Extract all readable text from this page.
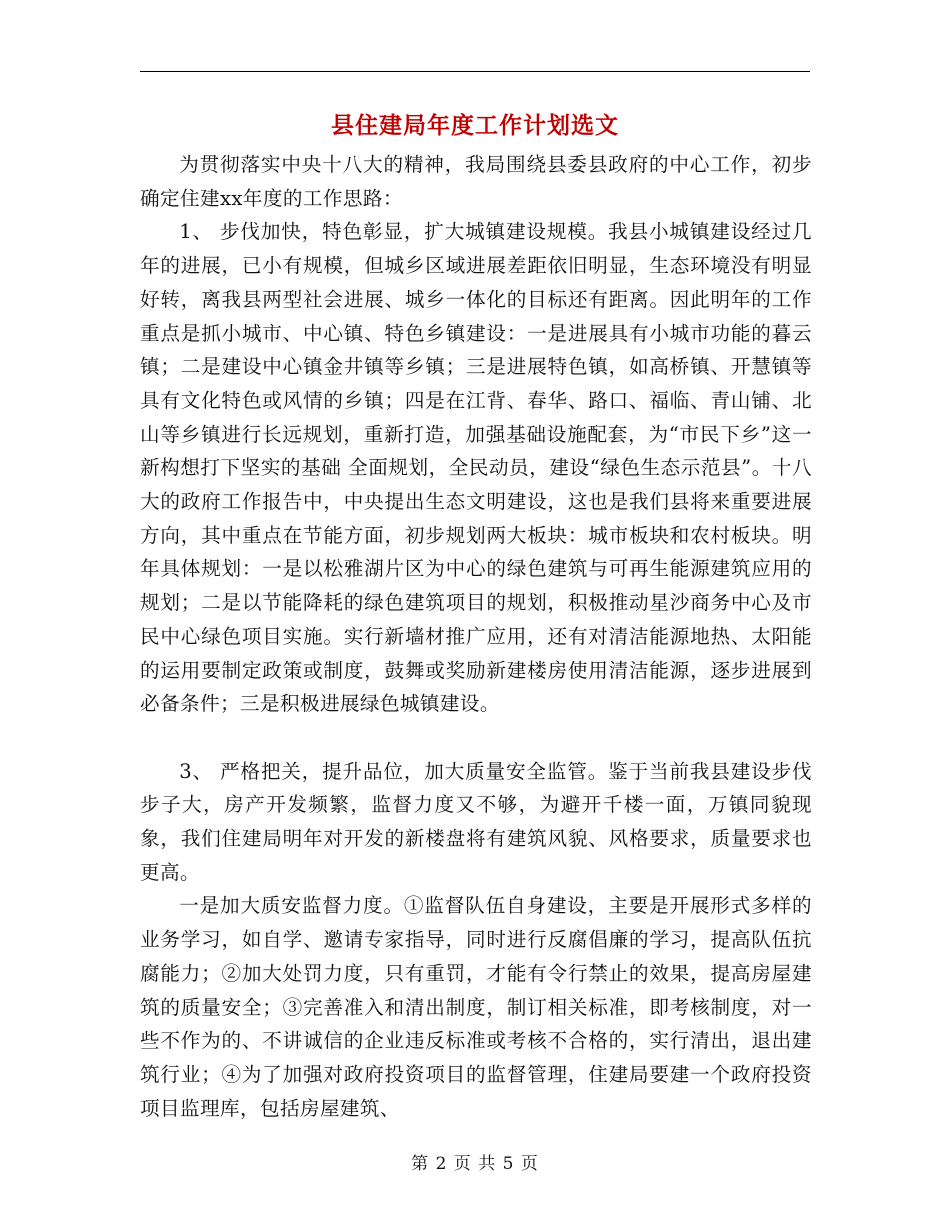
县住建局年度工作计划选文

为贯彻落实中央十八大的精神，我局围绕县委县政府的中心工作，初步确定住建xx年度的工作思路：

1、 步伐加快，特色彰显，扩大城镇建设规模。我县小城镇建设经过几年的进展，已小有规模，但城乡区域进展差距依旧明显，生态环境没有明显好转，离我县两型社会进展、城乡一体化的目标还有距离。因此明年的工作重点是抓小城市、中心镇、特色乡镇建设：一是进展具有小城市功能的暮云镇；二是建设中心镇金井镇等乡镇；三是进展特色镇，如高桥镇、开慧镇等具有文化特色或风情的乡镇；四是在江背、春华、路口、福临、青山铺、北山等乡镇进行长远规划，重新打造，加强基础设施配套，为“市民下乡”这一新构想打下坚实的基础 全面规划，全民动员，建设“绿色生态示范县”。十八大的政府工作报告中，中央提出生态文明建设，这也是我们县将来重要进展方向，其中重点在节能方面，初步规划两大板块：城市板块和农村板块。明年具体规划：一是以松雅湖片区为中心的绿色建筑与可再生能源建筑应用的规划；二是以节能降耗的绿色建筑项目的规划，积极推动星沙商务中心及市民中心绿色项目实施。实行新墙材推广应用，还有对清洁能源地热、太阳能的运用要制定政策或制度，鼓舞或奖励新建楼房使用清洁能源，逐步进展到必备条件；三是积极进展绿色城镇建设。

3、 严格把关，提升品位，加大质量安全监管。鉴于当前我县建设步伐步子大，房产开发频繁，监督力度又不够，为避开千楼一面，万镇同貌现象，我们住建局明年对开发的新楼盘将有建筑风貌、风格要求，质量要求也更高。

一是加大质安监督力度。①监督队伍自身建设，主要是开展形式多样的业务学习，如自学、邀请专家指导，同时进行反腐倡廉的学习，提高队伍抗腐能力；②加大处罚力度，只有重罚，才能有令行禁止的效果，提高房屋建筑的质量安全；③完善准入和清出制度，制订相关标准，即考核制度，对一些不作为的、不讲诚信的企业违反标准或考核不合格的，实行清出，退出建筑行业；④为了加强对政府投资项目的监督管理，住建局要建一个政府投资项目监理库，包括房屋建筑、

第 2 页 共 5 页
